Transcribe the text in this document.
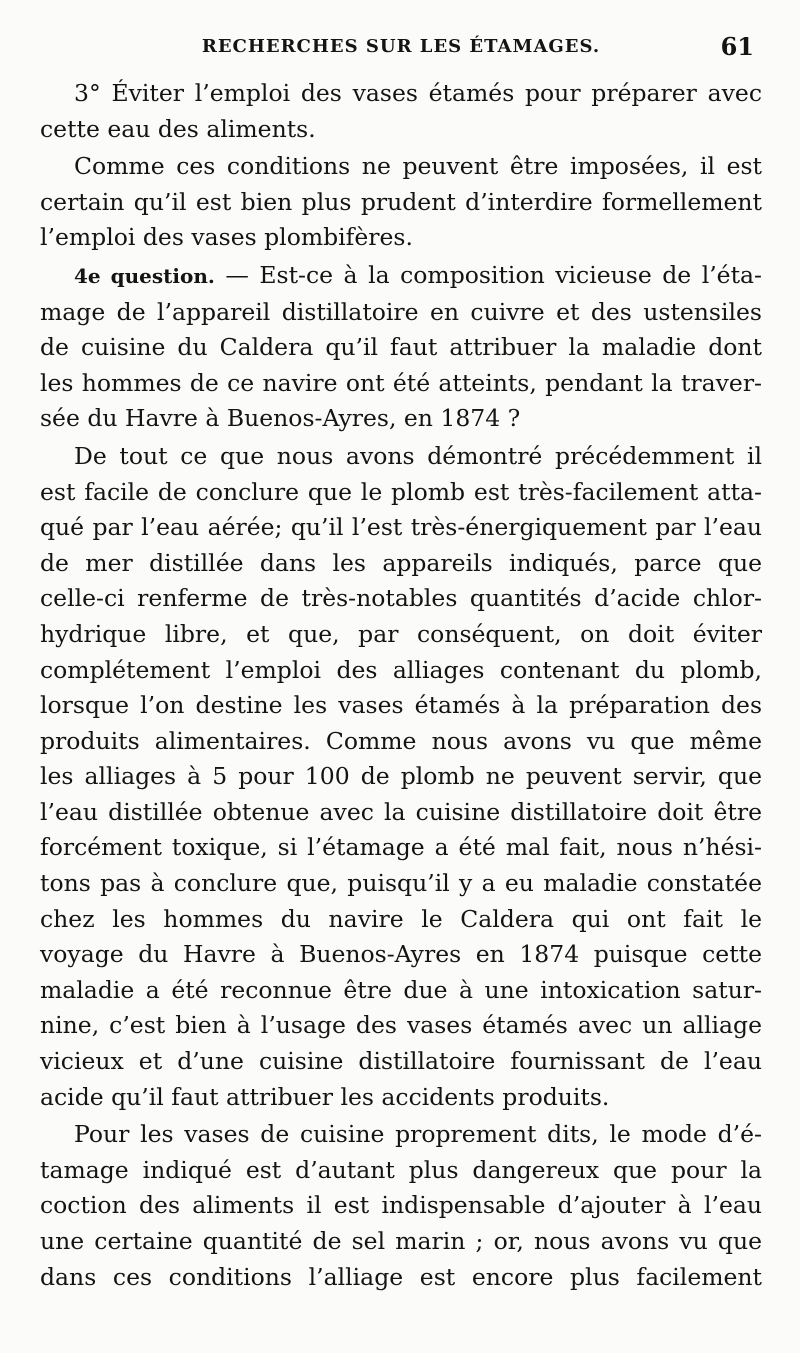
RECHERCHES SUR LES ÉTAMAGES.	61
3° Éviter l’emploi des vases étamés pour préparer avec
cette eau des aliments.
Comme ces conditions ne peuvent être imposées, il est
certain qu’il est bien plus prudent d’interdire formellement
l’emploi des vases plombifères.
4e question. — Est-ce à la composition vicieuse de l’éta-
mage de l’appareil distillatoire en cuivre et des ustensiles
de cuisine du Caldera qu’il faut attribuer la maladie dont
les hommes de ce navire ont été atteints, pendant la traver-
sée du Havre à Buenos-Ayres, en 1874 ?
De tout ce que nous avons démontré précédemment il
est facile de conclure que le plomb est très-facilement atta-
qué par l’eau aérée; qu’il l’est très-énergiquement par l’eau
de mer distillée dans les appareils indiqués, parce que
celle-ci renferme de très-notables quantités d’acide chlor-
hydrique libre, et que, par conséquent, on doit éviter
complétement l’emploi des alliages contenant du plomb,
lorsque l’on destine les vases étamés à la préparation des
produits alimentaires. Comme nous avons vu que même
les alliages à 5 pour 100 de plomb ne peuvent servir, que
l’eau distillée obtenue avec la cuisine distillatoire doit être
forcément toxique, si l’étamage a été mal fait, nous n’hési-
tons pas à conclure que, puisqu’il y a eu maladie constatée
chez les hommes du navire le Caldera qui ont fait le
voyage du Havre à Buenos-Ayres en 1874 puisque cette
maladie a été reconnue être due à une intoxication satur-
nine, c’est bien à l’usage des vases étamés avec un alliage
vicieux et d’une cuisine distillatoire fournissant de l’eau
acide qu’il faut attribuer les accidents produits.
Pour les vases de cuisine proprement dits, le mode d’é-
tamage indiqué est d’autant plus dangereux que pour la
coction des aliments il est indispensable d’ajouter à l’eau
une certaine quantité de sel marin ; or, nous avons vu que
dans ces conditions l’alliage est encore plus facilement
